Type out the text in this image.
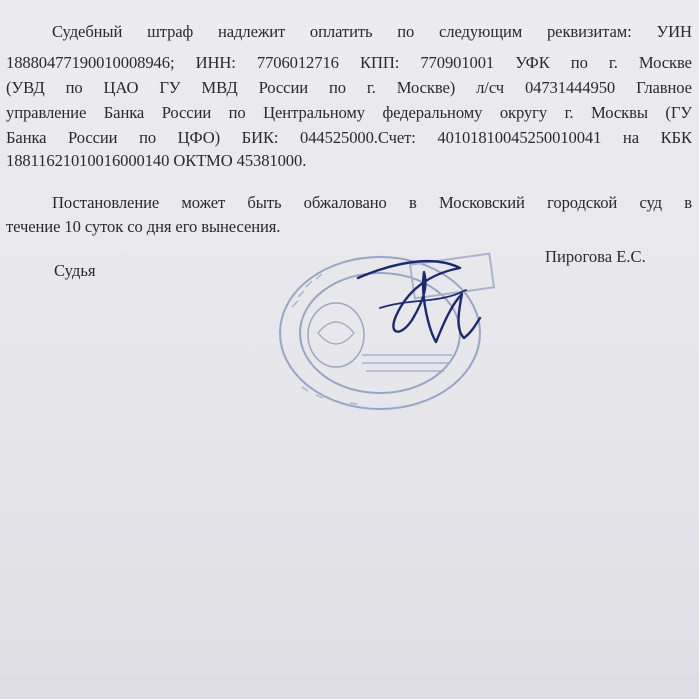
Судебный штраф надлежит оплатить по следующим реквизитам: УИН
18880477190010008946; ИНН: 7706012716 КПП: 770901001 УФК по г. Москве
(УВД по ЦАО ГУ МВД России по г. Москве) л/сч 04731444950 Главное
управление Банка России по Центральному федеральному округу г. Москвы (ГУ
Банка России по ЦФО) БИК: 044525000.Счет: 40101810045250010041 на КБК
18811621010016000140 ОКТМО 45381000.
Постановление может быть обжаловано в Московский городской суд в
течение 10 суток со дня его вынесения.
Судья
Пирогова Е.С.
